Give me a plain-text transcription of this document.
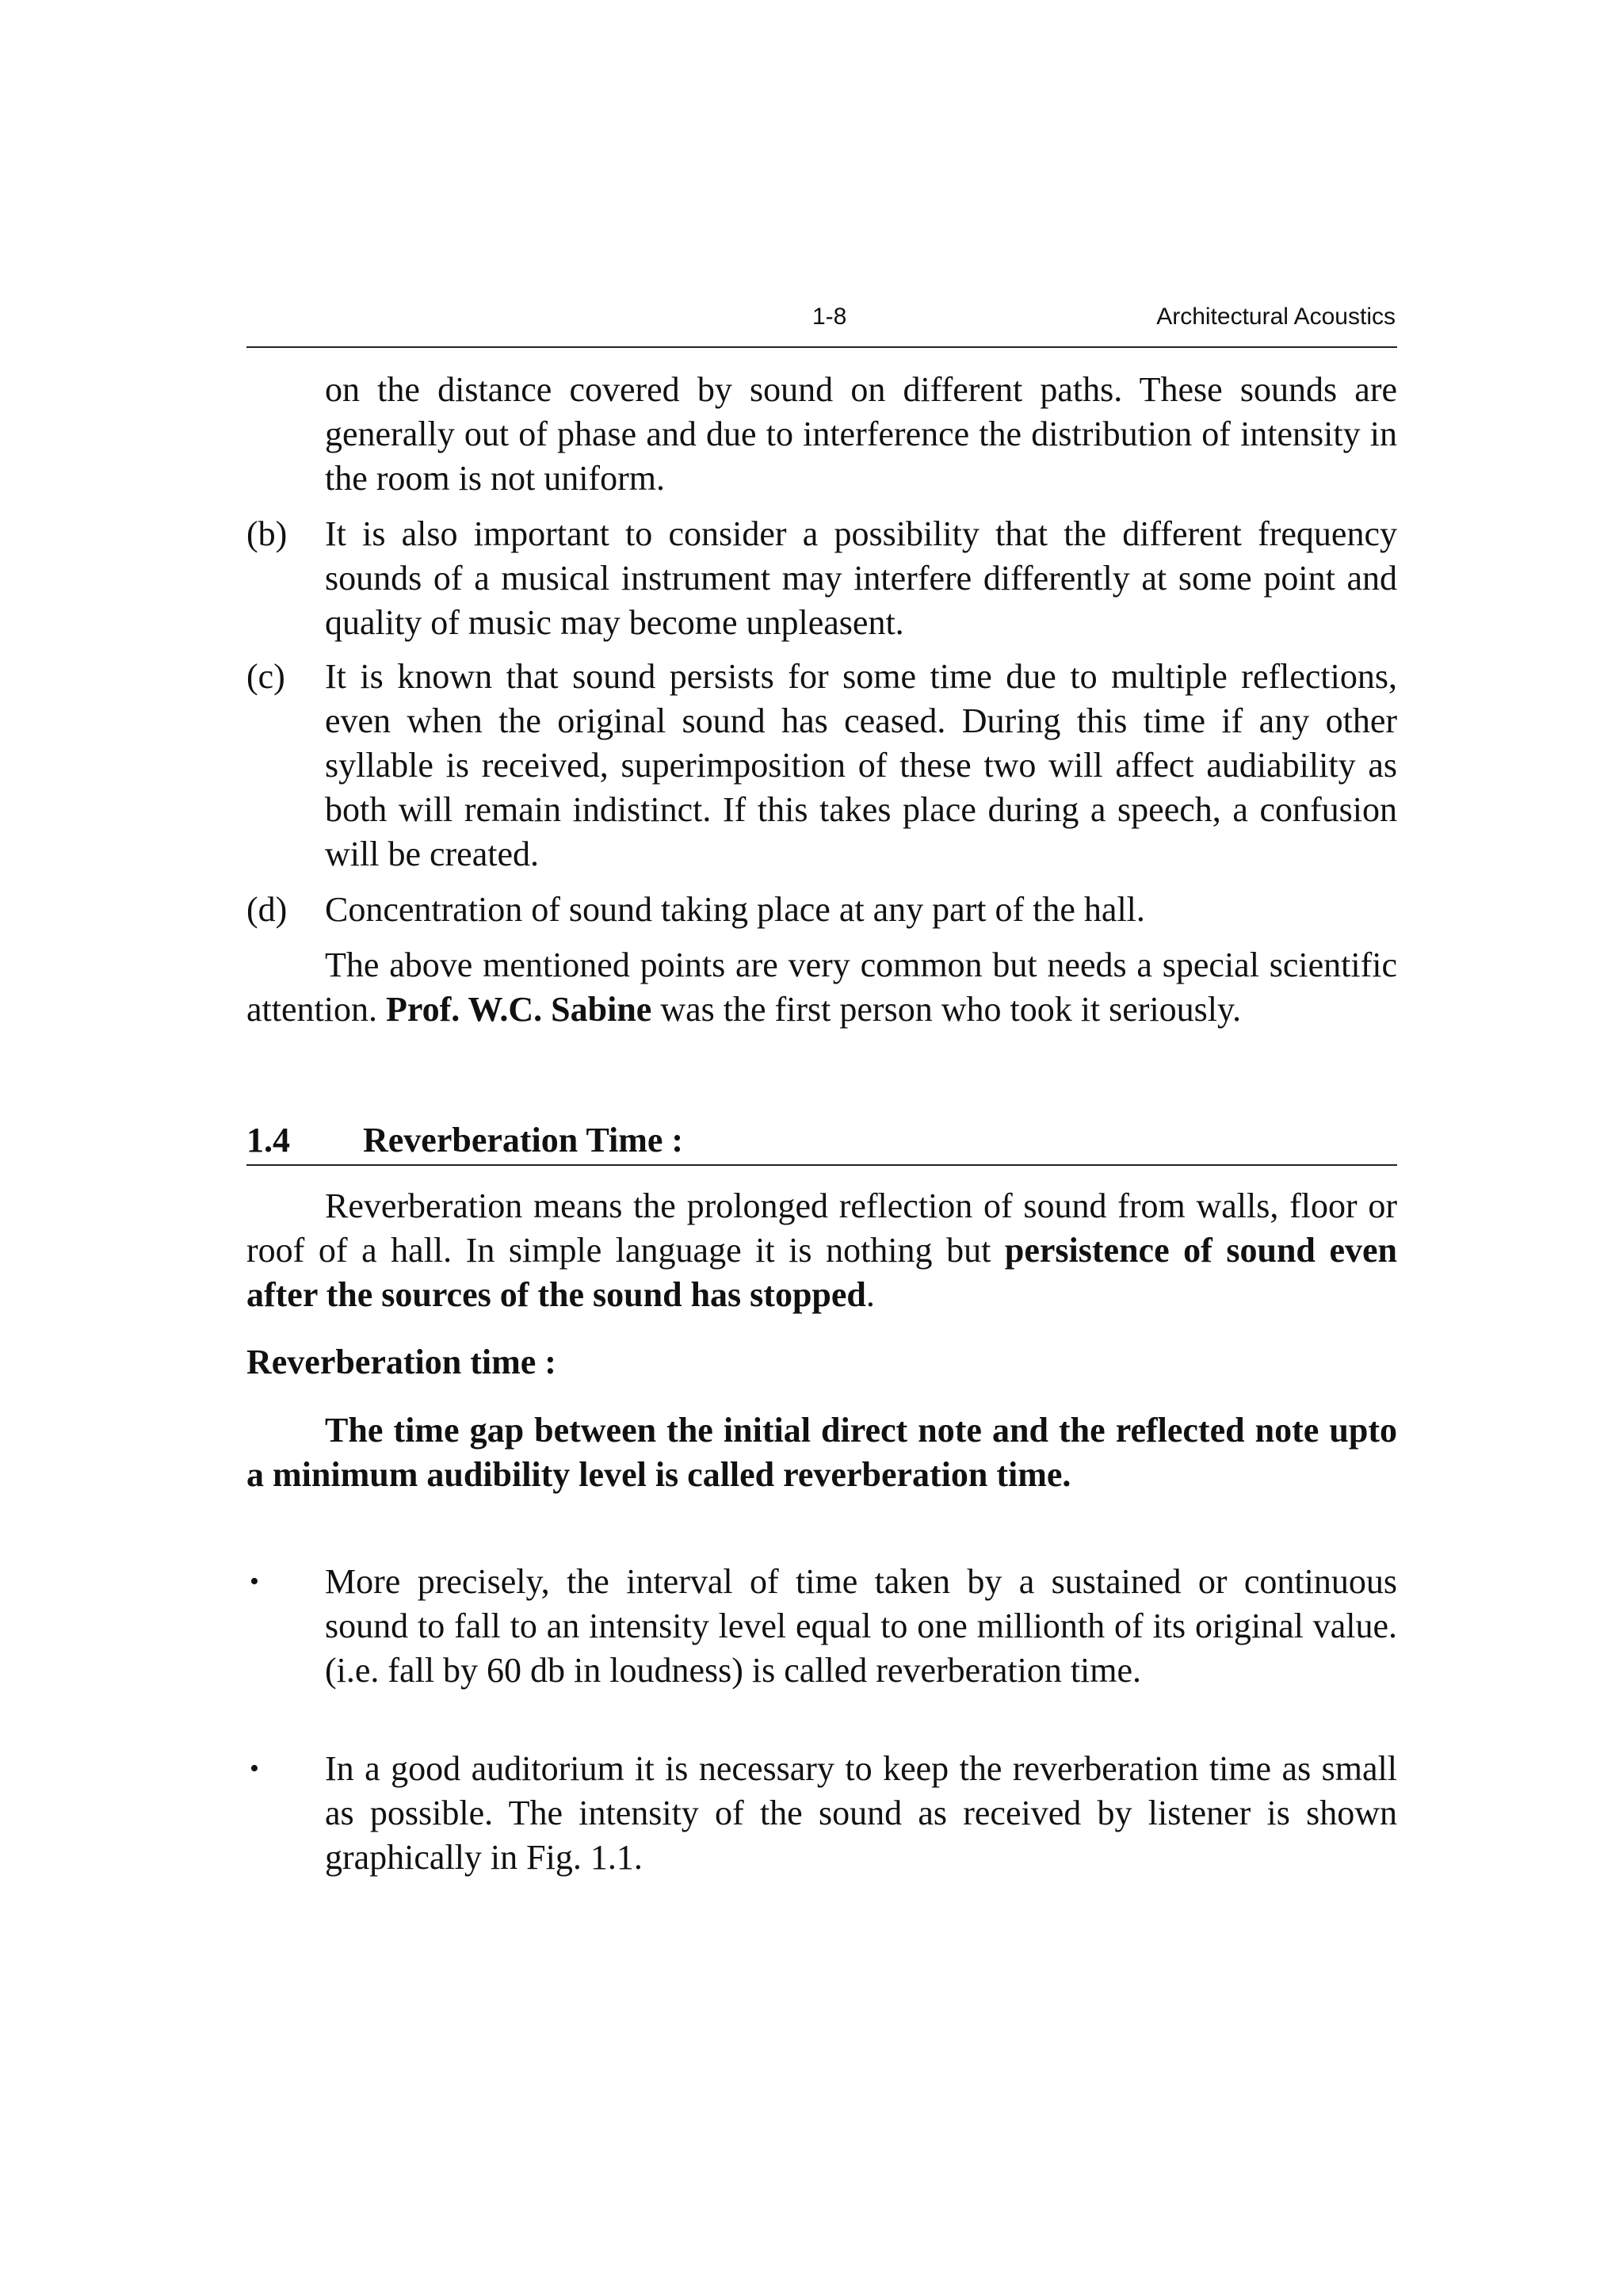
1-8	Architectural Acoustics
on the distance covered by sound on different paths. These sounds are generally out of phase and due to interference the distribution of intensity in the room is not uniform.
(b) It is also important to consider a possibility that the different frequency sounds of a musical instrument may interfere differently at some point and quality of music may become unpleasent.
(c) It is known that sound persists for some time due to multiple reflections, even when the original sound has ceased. During this time if any other syllable is received, superimposition of these two will affect audiability as both will remain indistinct. If this takes place during a speech, a confusion will be created.
(d) Concentration of sound taking place at any part of the hall.
The above mentioned points are very common but needs a special scientific attention. Prof. W.C. Sabine was the first person who took it seriously.
1.4 Reverberation Time :
Reverberation means the prolonged reflection of sound from walls, floor or roof of a hall. In simple language it is nothing but persistence of sound even after the sources of the sound has stopped.
Reverberation time :
The time gap between the initial direct note and the reflected note upto a minimum audibility level is called reverberation time.
• More precisely, the interval of time taken by a sustained or continuous sound to fall to an intensity level equal to one millionth of its original value. (i.e. fall by 60 db in loudness) is called reverberation time.
• In a good auditorium it is necessary to keep the reverberation time as small as possible. The intensity of the sound as received by listener is shown graphically in Fig. 1.1.
